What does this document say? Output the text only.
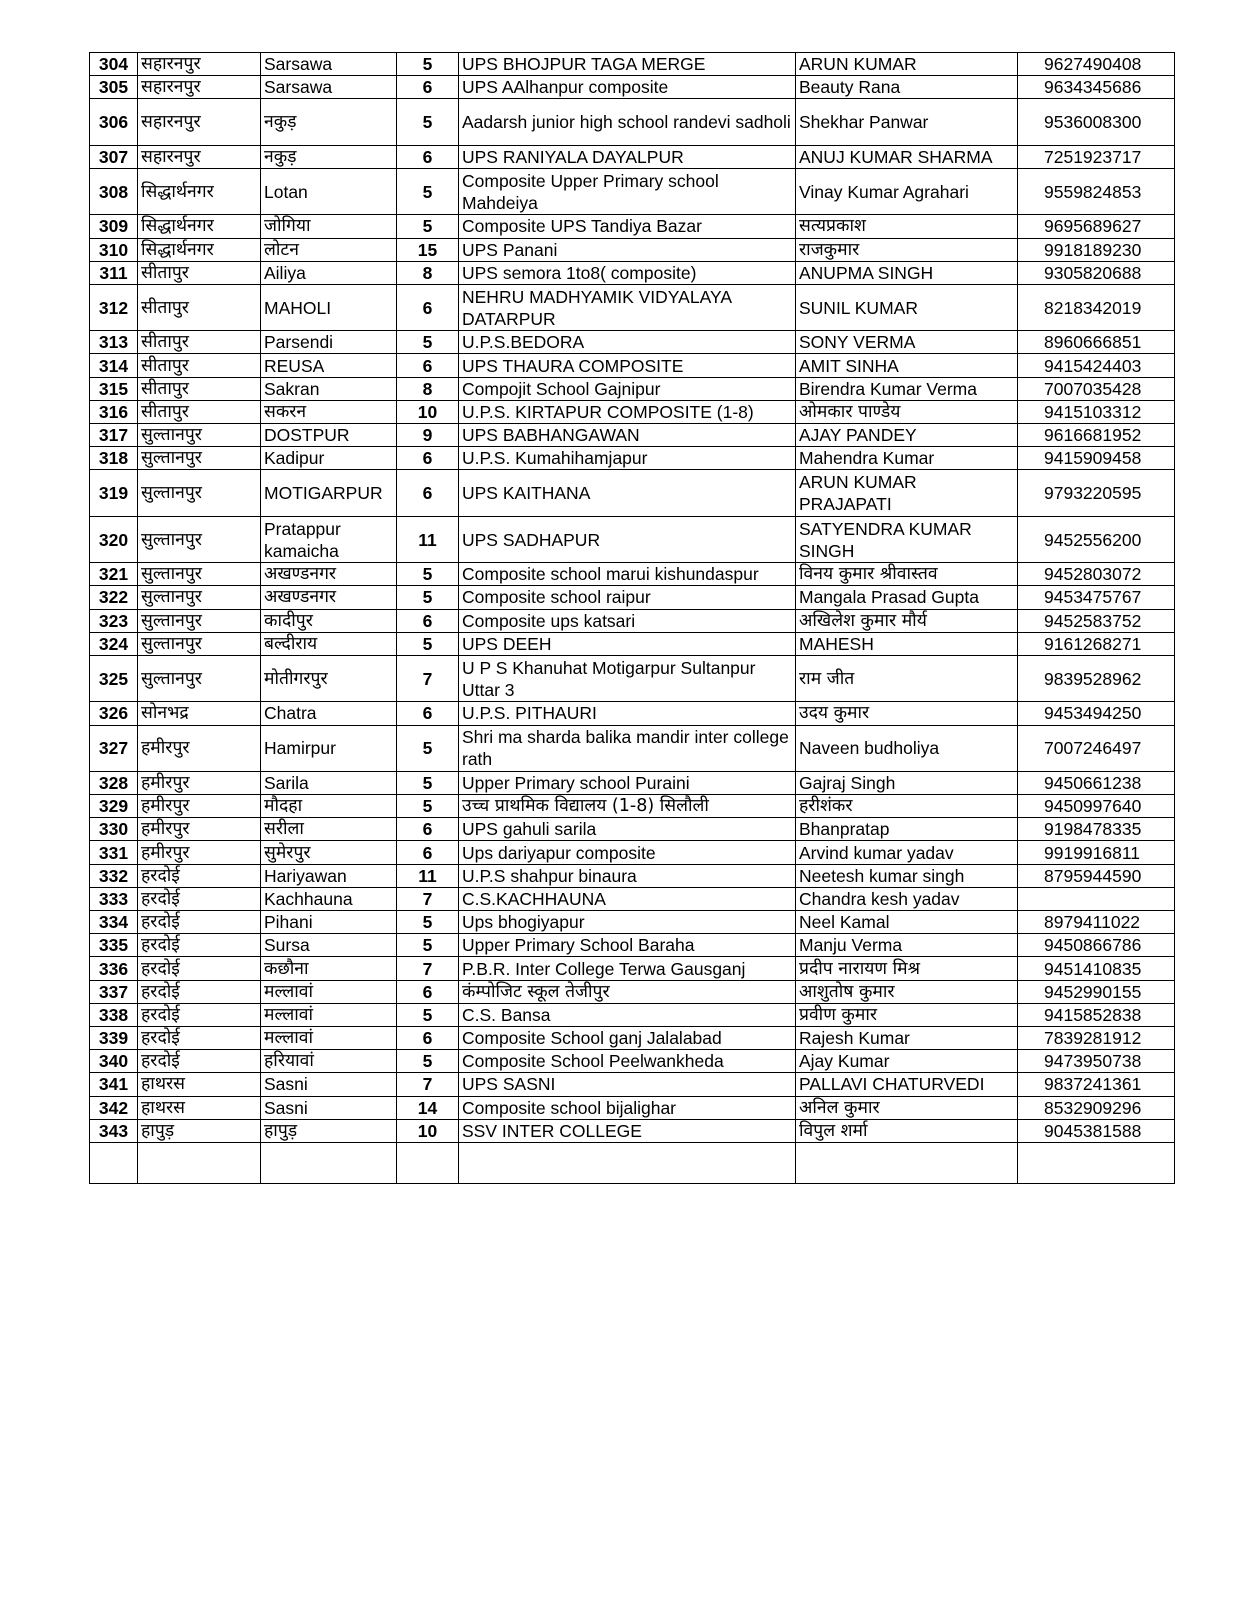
304	सहारनपुर	Sarsawa	5	UPS BHOJPUR TAGA MERGE	ARUN KUMAR	9627490408
305	सहारनपुर	Sarsawa	6	UPS AAlhanpur composite	Beauty Rana	9634345686
306	सहारनपुर	नकुड़	5	Aadarsh junior high school randevi sadholi	Shekhar Panwar	9536008300
307	सहारनपुर	नकुड़	6	UPS RANIYALA DAYALPUR	ANUJ KUMAR SHARMA	7251923717
308	सिद्धार्थनगर	Lotan	5	Composite Upper Primary school Mahdeiya	Vinay Kumar Agrahari	9559824853
309	सिद्धार्थनगर	जोगिया	5	Composite UPS Tandiya Bazar	सत्यप्रकाश	9695689627
310	सिद्धार्थनगर	लोटन	15	UPS Panani	राजकुमार	9918189230
311	सीतापुर	Ailiya	8	UPS semora 1to8( composite)	ANUPMA SINGH	9305820688
312	सीतापुर	MAHOLI	6	NEHRU MADHYAMIK VIDYALAYA DATARPUR	SUNIL KUMAR	8218342019
313	सीतापुर	Parsendi	5	U.P.S.BEDORA	SONY VERMA	8960666851
314	सीतापुर	REUSA	6	UPS THAURA COMPOSITE	AMIT SINHA	9415424403
315	सीतापुर	Sakran	8	Compojit School Gajnipur	Birendra Kumar Verma	7007035428
316	सीतापुर	सकरन	10	U.P.S. KIRTAPUR COMPOSITE (1-8)	ओमकार पाण्डेय	9415103312
317	सुल्तानपुर	DOSTPUR	9	UPS BABHANGAWAN	AJAY PANDEY	9616681952
318	सुल्तानपुर	Kadipur	6	U.P.S. Kumahihamjapur	Mahendra Kumar	9415909458
319	सुल्तानपुर	MOTIGARPUR	6	UPS KAITHANA	ARUN KUMAR PRAJAPATI	9793220595
320	सुल्तानपुर	Pratappur kamaicha	11	UPS SADHAPUR	SATYENDRA KUMAR SINGH	9452556200
321	सुल्तानपुर	अखण्डनगर	5	Composite school marui kishundaspur	विनय कुमार श्रीवास्तव	9452803072
322	सुल्तानपुर	अखण्डनगर	5	Composite school raipur	Mangala Prasad Gupta	9453475767
323	सुल्तानपुर	कादीपुर	6	Composite ups katsari	अखिलेश कुमार मौर्य	9452583752
324	सुल्तानपुर	बल्दीराय	5	UPS DEEH	MAHESH	9161268271
325	सुल्तानपुर	मोतीगरपुर	7	U P S Khanuhat Motigarpur Sultanpur Uttar 3	राम जीत	9839528962
326	सोनभद्र	Chatra	6	U.P.S. PITHAURI	उदय कुमार	9453494250
327	हमीरपुर	Hamirpur	5	Shri ma sharda balika mandir inter college rath	Naveen budholiya	7007246497
328	हमीरपुर	Sarila	5	Upper Primary school Puraini	Gajraj Singh	9450661238
329	हमीरपुर	मौदहा	5	उच्च प्राथमिक विद्यालय (1-8) सिलौली	हरीशंकर	9450997640
330	हमीरपुर	सरीला	6	UPS gahuli sarila	Bhanpratap	9198478335
331	हमीरपुर	सुमेरपुर	6	Ups dariyapur composite	Arvind kumar yadav	9919916811
332	हरदोई	Hariyawan	11	U.P.S shahpur binaura	Neetesh kumar singh	8795944590
333	हरदोई	Kachhauna	7	C.S.KACHHAUNA	Chandra kesh yadav	
334	हरदोई	Pihani	5	Ups bhogiyapur	Neel Kamal	8979411022
335	हरदोई	Sursa	5	Upper Primary School Baraha	Manju Verma	9450866786
336	हरदोई	कछौना	7	P.B.R. Inter College Terwa Gausganj	प्रदीप नारायण मिश्र	9451410835
337	हरदोई	मल्लावां	6	कंम्पोजिट स्कूल तेजीपुर	आशुतोष कुमार	9452990155
338	हरदोई	मल्लावां	5	C.S. Bansa	प्रवीण कुमार	9415852838
339	हरदोई	मल्लावां	6	Composite School ganj Jalalabad	Rajesh Kumar	7839281912
340	हरदोई	हरियावां	5	Composite School Peelwankheda	Ajay Kumar	9473950738
341	हाथरस	Sasni	7	UPS SASNI	PALLAVI CHATURVEDI	9837241361
342	हाथरस	Sasni	14	Composite school bijalighar	अनिल कुमार	8532909296
343	हापुड़	हापुड़	10	SSV INTER COLLEGE	विपुल शर्मा	9045381588
